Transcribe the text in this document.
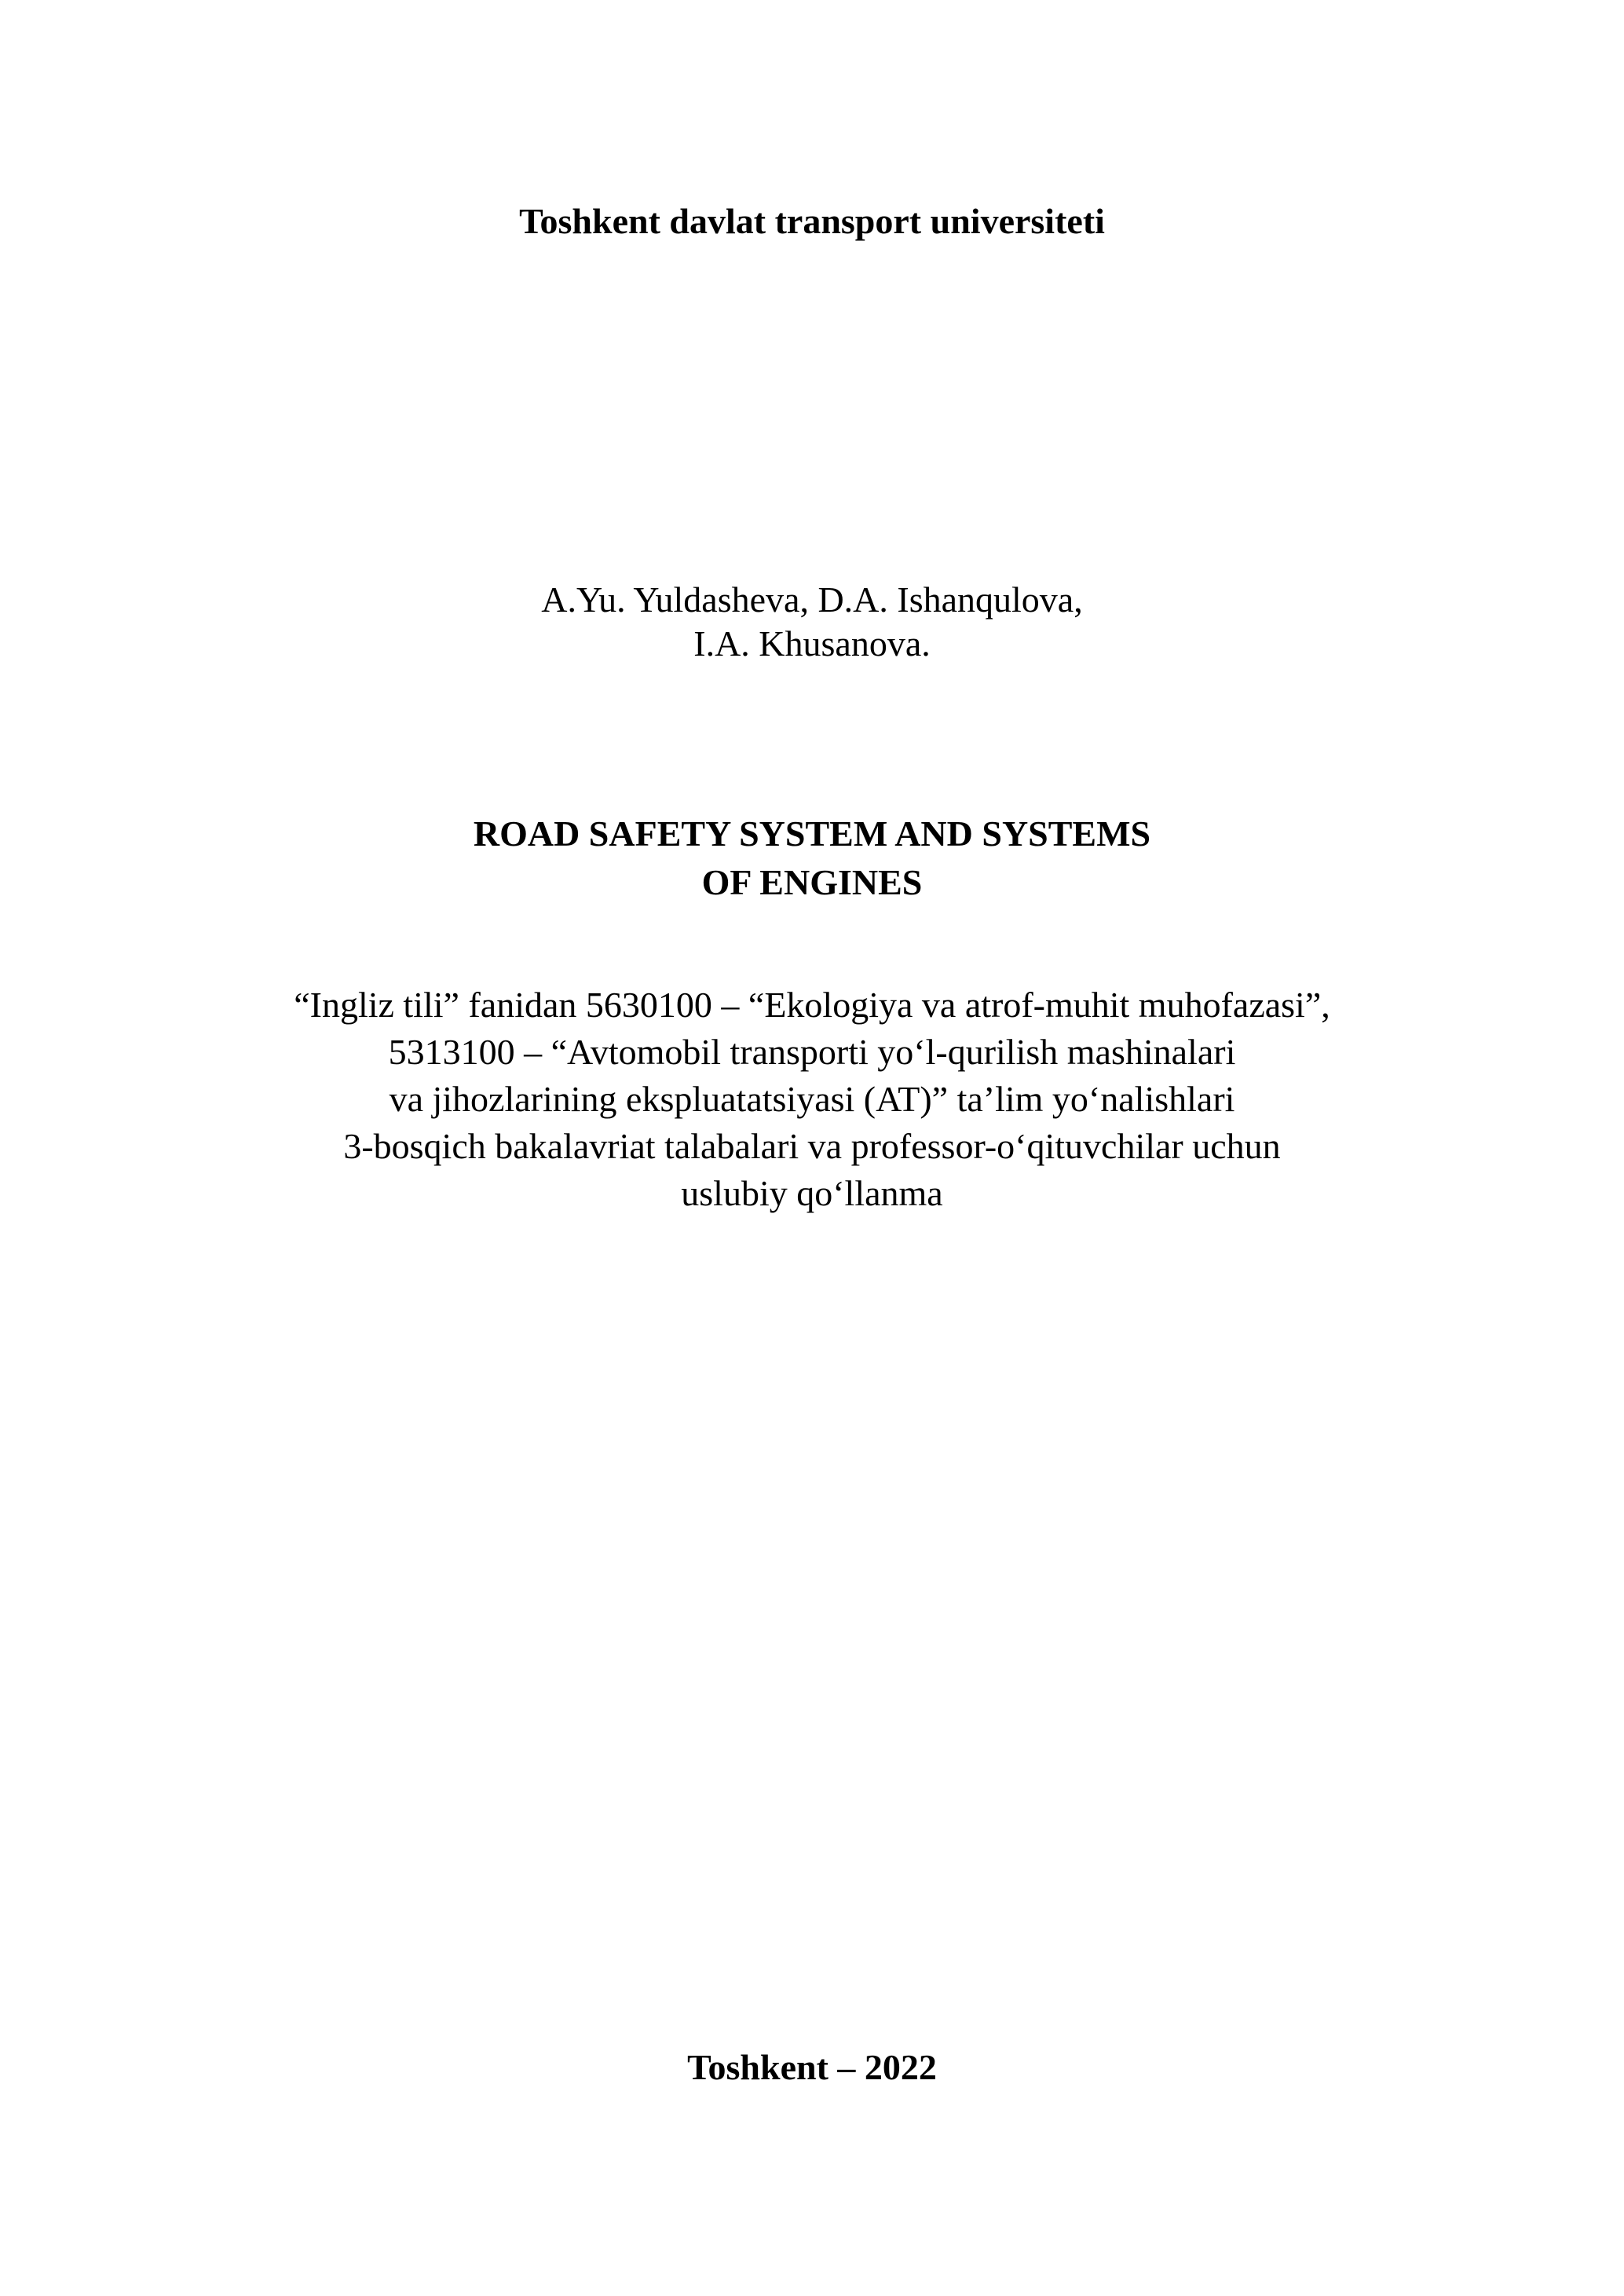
Toshkent davlat transport universiteti
A.Yu. Yuldasheva, D.A. Ishanqulova,
I.A. Khusanova.
ROAD SAFETY SYSTEM AND SYSTEMS
OF ENGINES
“Ingliz tili” fanidan 5630100 – “Ekologiya va atrof-muhit muhofazasi”,
5313100 – “Avtomobil transporti yo‘l-qurilish mashinalari
va jihozlarining ekspluatatsiyasi (AT)” ta’lim yo‘nalishlari
3-bosqich bakalavriat talabalari va professor-o‘qituvchilar uchun
uslubiy qo‘llanma
Toshkent – 2022
